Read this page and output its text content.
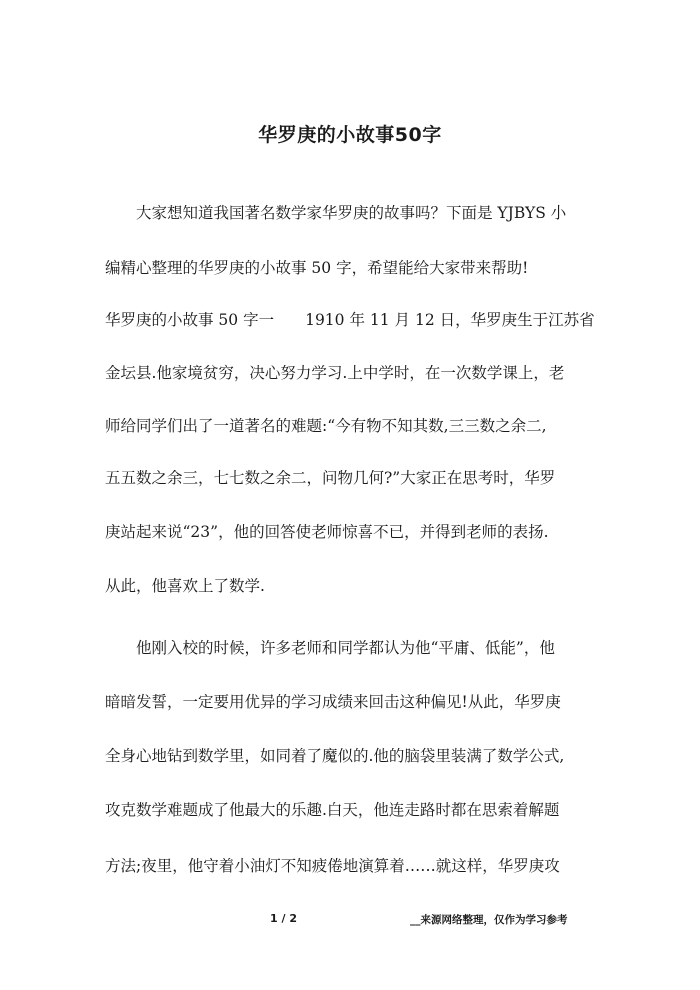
华罗庚的小故事50字
　　大家想知道我国著名数学家华罗庚的故事吗？下面是 YJBYS 小
编精心整理的华罗庚的小故事 50 字，希望能给大家带来帮助!
华罗庚的小故事 50 字一　　1910 年 11 月 12 日，华罗庚生于江苏省
金坛县.他家境贫穷，决心努力学习.上中学时，在一次数学课上，老
师给同学们出了一道著名的难题:“今有物不知其数,三三数之余二,
五五数之余三，七七数之余二，问物几何?”大家正在思考时，华罗
庚站起来说“23”，他的回答使老师惊喜不已，并得到老师的表扬.
从此，他喜欢上了数学.
　　他刚入校的时候，许多老师和同学都认为他“平庸、低能”，他
暗暗发誓，一定要用优异的学习成绩来回击这种偏见!从此，华罗庚
全身心地钻到数学里，如同着了魔似的.他的脑袋里装满了数学公式,
攻克数学难题成了他最大的乐趣.白天，他连走路时都在思索着解题
方法;夜里，他守着小油灯不知疲倦地演算着……就这样，华罗庚攻
1 / 2	__来源网络整理，仅作为学习参考
